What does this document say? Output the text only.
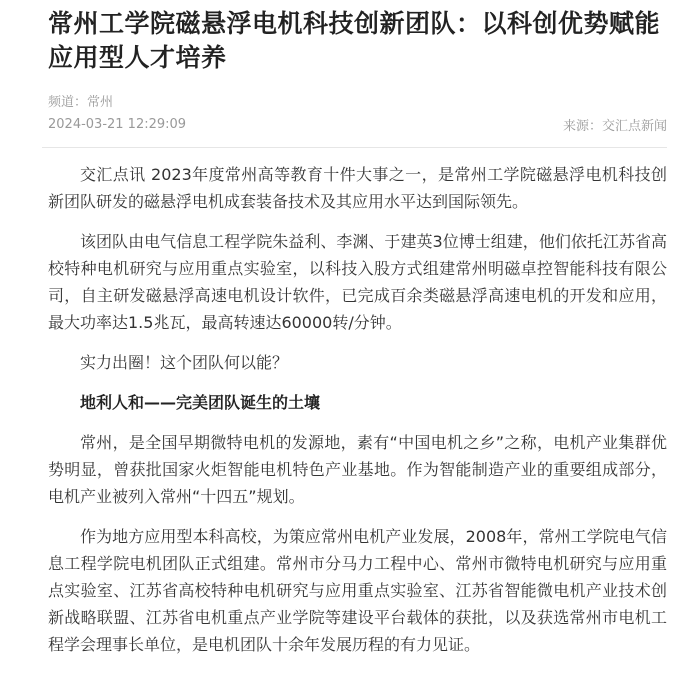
常州工学院磁悬浮电机科技创新团队：以科创优势赋能应用型人才培养
频道：常州
2024-03-21 12:29:09	来源：交汇点新闻

交汇点讯 2023年度常州高等教育十件大事之一，是常州工学院磁悬浮电机科技创新团队研发的磁悬浮电机成套装备技术及其应用水平达到国际领先。

该团队由电气信息工程学院朱益利、李渊、于建英3位博士组建，他们依托江苏省高校特种电机研究与应用重点实验室，以科技入股方式组建常州明磁卓控智能科技有限公司，自主研发磁悬浮高速电机设计软件，已完成百余类磁悬浮高速电机的开发和应用，最大功率达1.5兆瓦，最高转速达60000转/分钟。

实力出圈！这个团队何以能？

地利人和——完美团队诞生的土壤

常州，是全国早期微特电机的发源地，素有“中国电机之乡”之称，电机产业集群优势明显，曾获批国家火炬智能电机特色产业基地。作为智能制造产业的重要组成部分，电机产业被列入常州“十四五”规划。

作为地方应用型本科高校，为策应常州电机产业发展，2008年，常州工学院电气信息工程学院电机团队正式组建。常州市分马力工程中心、常州市微特电机研究与应用重点实验室、江苏省高校特种电机研究与应用重点实验室、江苏省智能微电机产业技术创新战略联盟、江苏省电机重点产业学院等建设平台载体的获批，以及获选常州市电机工程学会理事长单位，是电机团队十余年发展历程的有力见证。
